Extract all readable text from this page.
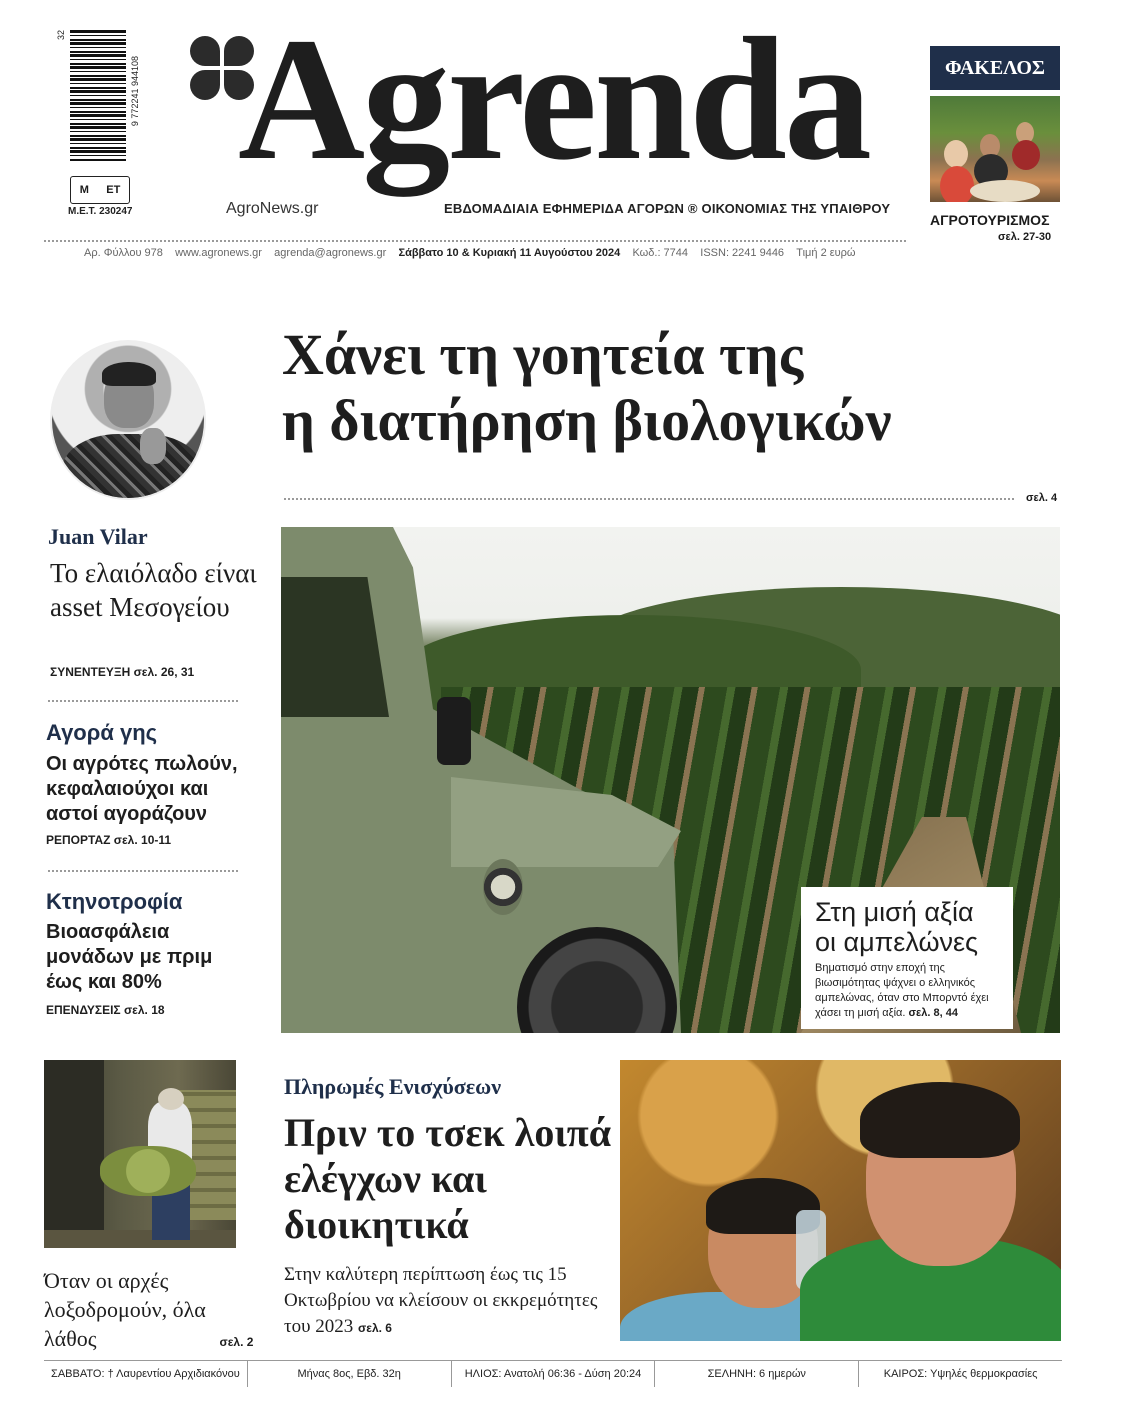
32
9 772241 944108
Μ ΕΤ
M.E.T. 230247
Agrenda
AgroNews.gr	ΕΒΔΟΜΑΔΙΑΙΑ ΕΦΗΜΕΡΙΔΑ ΑΓΟΡΩΝ ® ΟΙΚΟΝΟΜΙΑΣ ΤΗΣ ΥΠΑΙΘΡΟΥ
ΦΑΚΕΛΟΣ
ΑΓΡΟΤΟΥΡΙΣΜΟΣ
σελ. 27-30
Αρ. Φύλλου 978 www.agronews.gr agrenda@agronews.gr Σάββατο 10 & Κυριακή 11 Αυγούστου 2024 Κωδ.: 7744 ISSN: 2241 9446 Τιμή 2 ευρώ
Χάνει τη γοητεία της
η διατήρηση βιολογικών
σελ. 4
Juan Vilar
Το ελαιόλαδο είναι asset Μεσογείου
ΣΥΝΕΝΤΕΥΞΗ σελ. 26, 31
Αγορά γης
Οι αγρότες πωλούν, κεφαλαιούχοι και αστοί αγοράζουν
ΡΕΠΟΡΤΑΖ σελ. 10-11
Κτηνοτροφία
Βιοασφάλεια μονάδων με πριμ έως και 80%
ΕΠΕΝΔΥΣΕΙΣ σελ. 18
Όταν οι αρχές λοξοδρομούν, όλα λάθος	σελ. 2
Στη μισή αξία οι αμπελώνες
Βηματισμό στην εποχή της βιωσιμότητας ψάχνει ο ελληνικός αμπελώνας, όταν στο Μπορντό έχει χάσει τη μισή αξία. σελ. 8, 44
Πληρωμές Ενισχύσεων
Πριν το τσεκ λοιπά ελέγχων και διοικητικά
Στην καλύτερη περίπτωση έως τις 15 Οκτωβρίου να κλείσουν οι εκκρεμότητες του 2023 σελ. 6
ΣΑΒΒΑΤΟ: † Λαυρεντίου Αρχιδιακόνου	Μήνας 8ος, Εβδ. 32η	ΗΛΙΟΣ: Ανατολή 06:36 - Δύση 20:24	ΣΕΛΗΝΗ: 6 ημερών	ΚΑΙΡΟΣ: Υψηλές θερμοκρασίες
